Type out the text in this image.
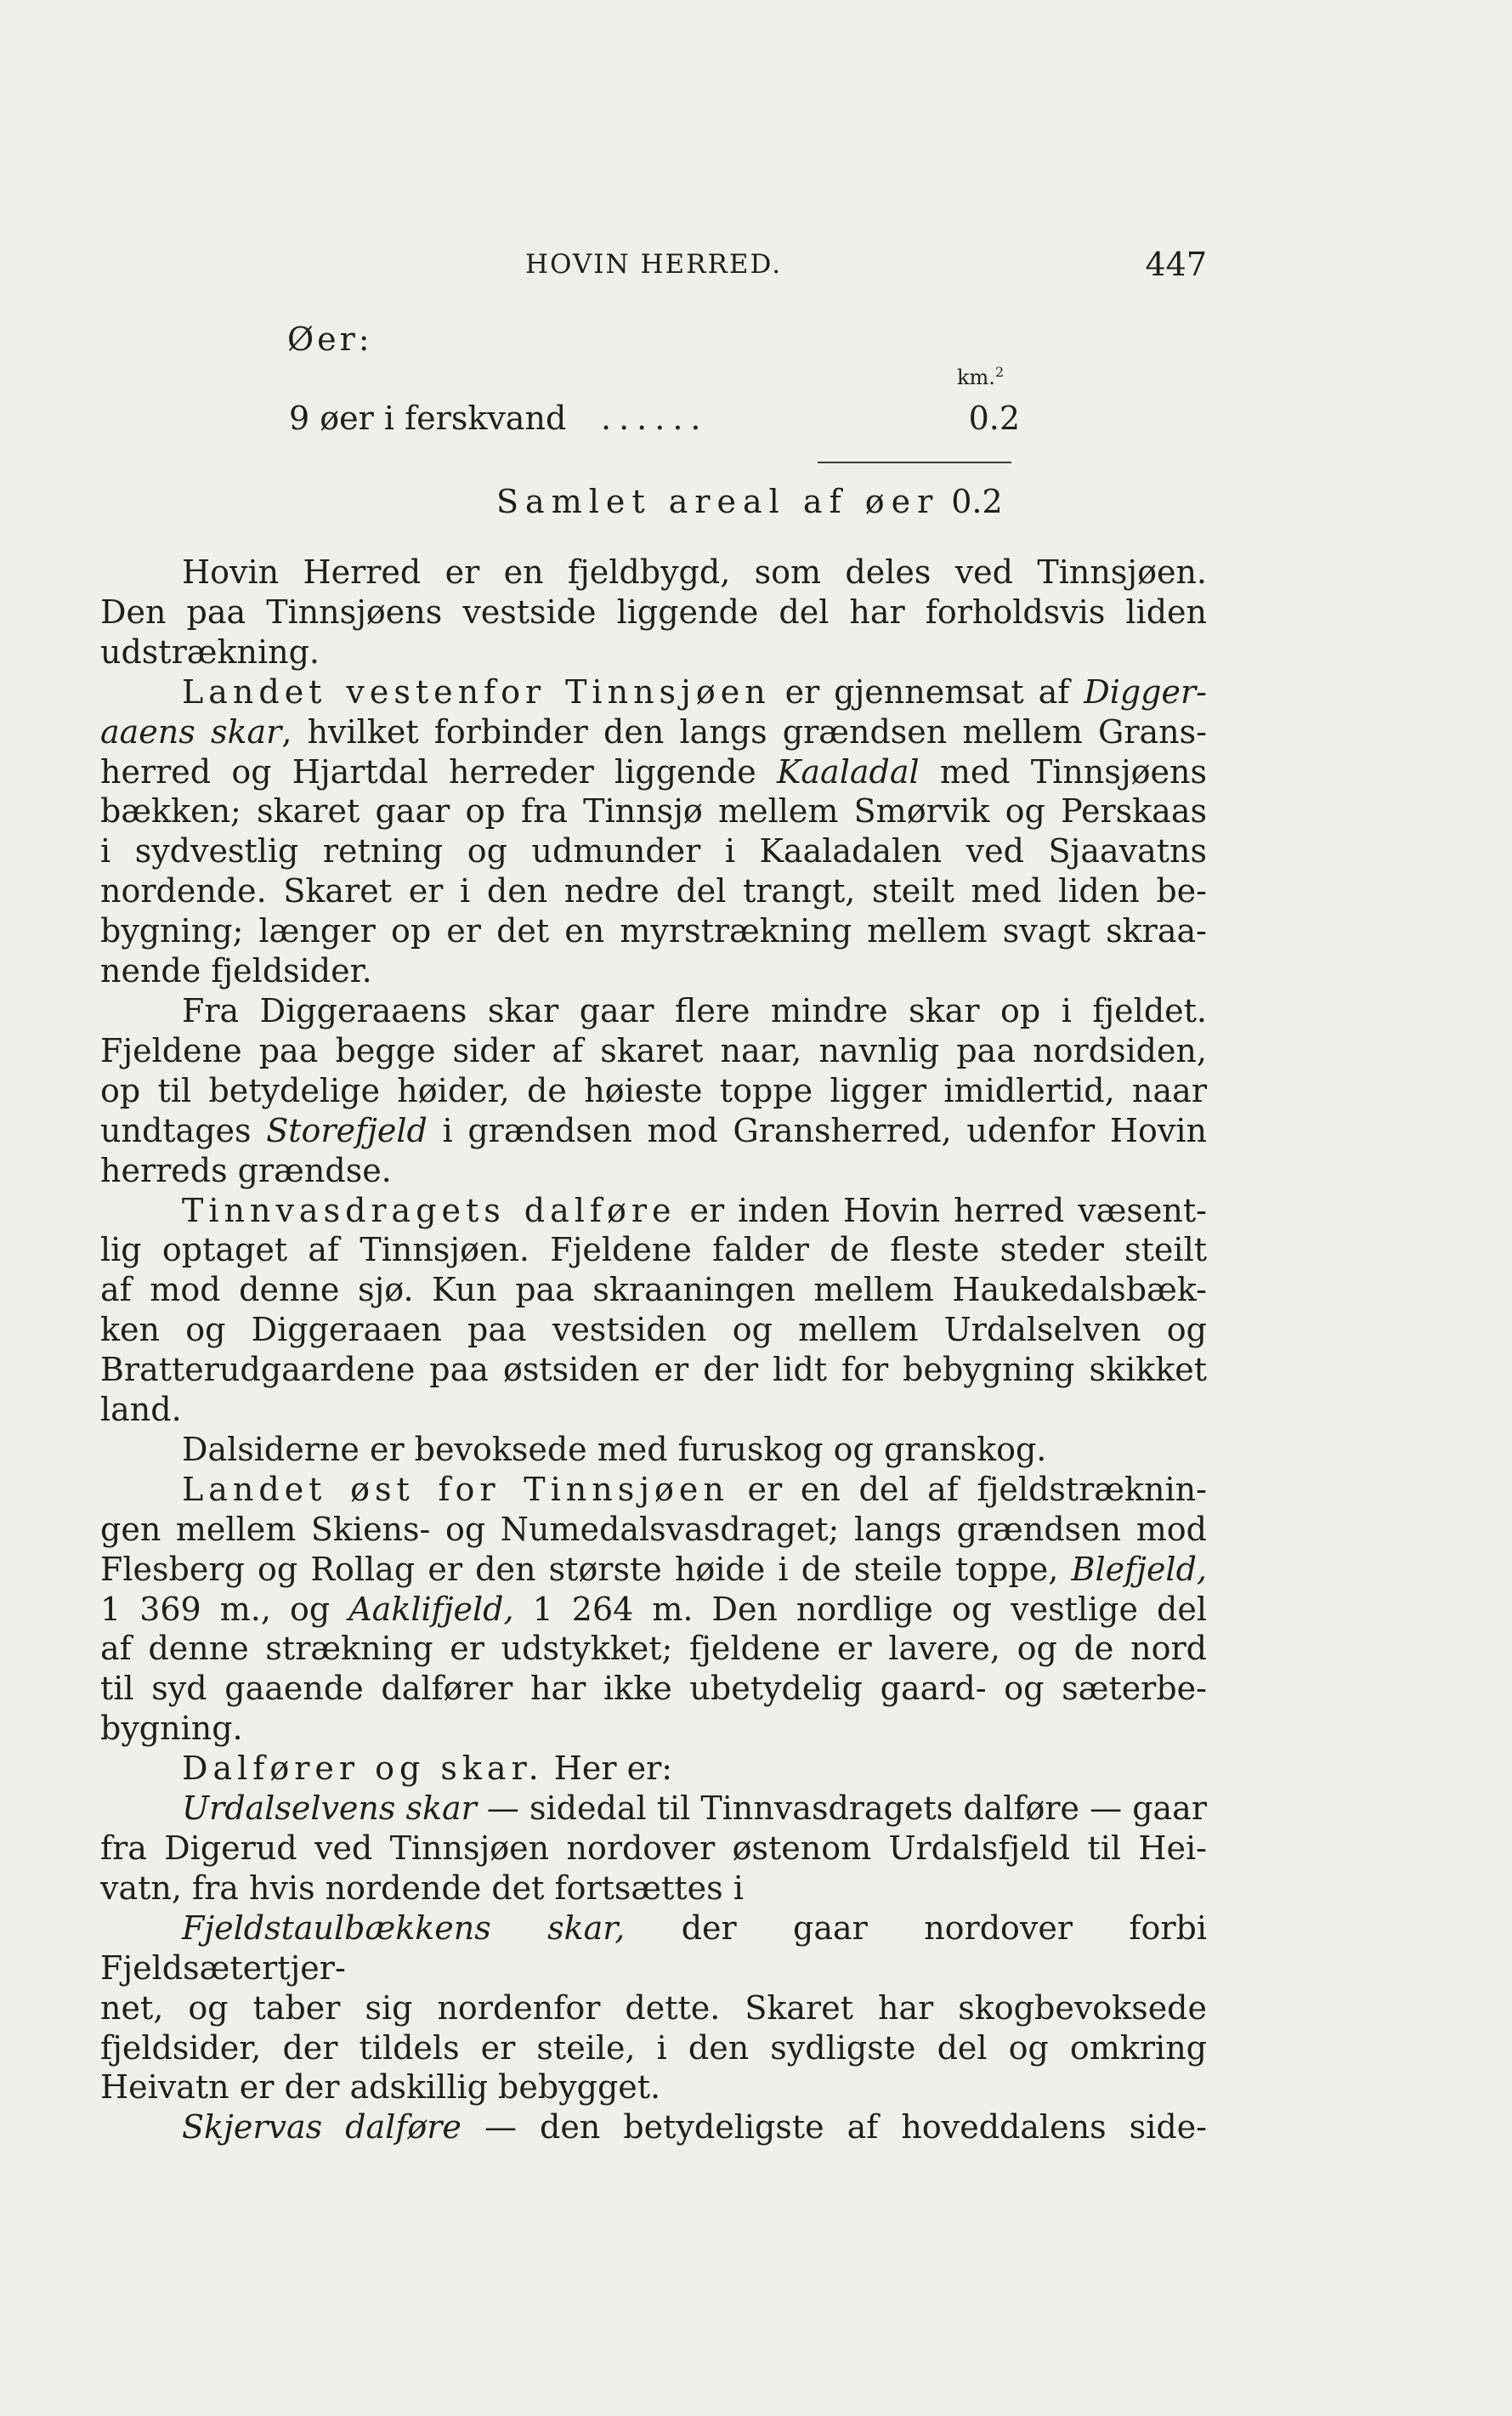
HOVIN HERRED.	447
Øer:
km.$^2$
9 øer i ferskvand ......	0.2
Samlet areal af øer 0.2

Hovin Herred er en fjeldbygd, som deles ved Tinnsjøen.

Den paa Tinnsjøens vestside liggende del har forholdsvis liden

udstrækning.

Landet vestenfor Tinnsjøen er gjennemsat af Digger-

aaens skar, hvilket forbinder den langs grændsen mellem Grans-

herred og Hjartdal herreder liggende Kaaladal med Tinnsjøens

bækken; skaret gaar op fra Tinnsjø mellem Smørvik og Perskaas

i sydvestlig retning og udmunder i Kaaladalen ved Sjaavatns

nordende. Skaret er i den nedre del trangt, steilt med liden be-

bygning; længer op er det en myrstrækning mellem svagt skraa-

nende fjeldsider.

Fra Diggeraaens skar gaar flere mindre skar op i fjeldet.

Fjeldene paa begge sider af skaret naar, navnlig paa nordsiden,

op til betydelige høider, de høieste toppe ligger imidlertid, naar

undtages Storefjeld i grændsen mod Gransherred, udenfor Hovin

herreds grændse.

Tinnvasdragets dalføre er inden Hovin herred væsent-

lig optaget af Tinnsjøen. Fjeldene falder de fleste steder steilt

af mod denne sjø. Kun paa skraaningen mellem Haukedalsbæk-

ken og Diggeraaen paa vestsiden og mellem Urdalselven og

Bratterudgaardene paa østsiden er der lidt for bebygning skikket

land.

Dalsiderne er bevoksede med furuskog og granskog.

Landet øst for Tinnsjøen er en del af fjeldstræknin-

gen mellem Skiens- og Numedalsvasdraget; langs grændsen mod

Flesberg og Rollag er den største høide i de steile toppe, Blefjeld,

1 369 m., og Aaklifjeld, 1 264 m. Den nordlige og vestlige del

af denne strækning er udstykket; fjeldene er lavere, og de nord

til syd gaaende dalfører har ikke ubetydelig gaard- og sæterbe-

bygning.

Dalfører og skar. Her er:

Urdalselvens skar — sidedal til Tinnvasdragets dalføre — gaar

fra Digerud ved Tinnsjøen nordover østenom Urdalsfjeld til Hei-

vatn, fra hvis nordende det fortsættes i

Fjeldstaulbækkens skar, der gaar nordover forbi Fjeldsætertjer-

net, og taber sig nordenfor dette. Skaret har skogbevoksede

fjeldsider, der tildels er steile, i den sydligste del og omkring

Heivatn er der adskillig bebygget.

Skjervas dalføre — den betydeligste af hoveddalens side-
